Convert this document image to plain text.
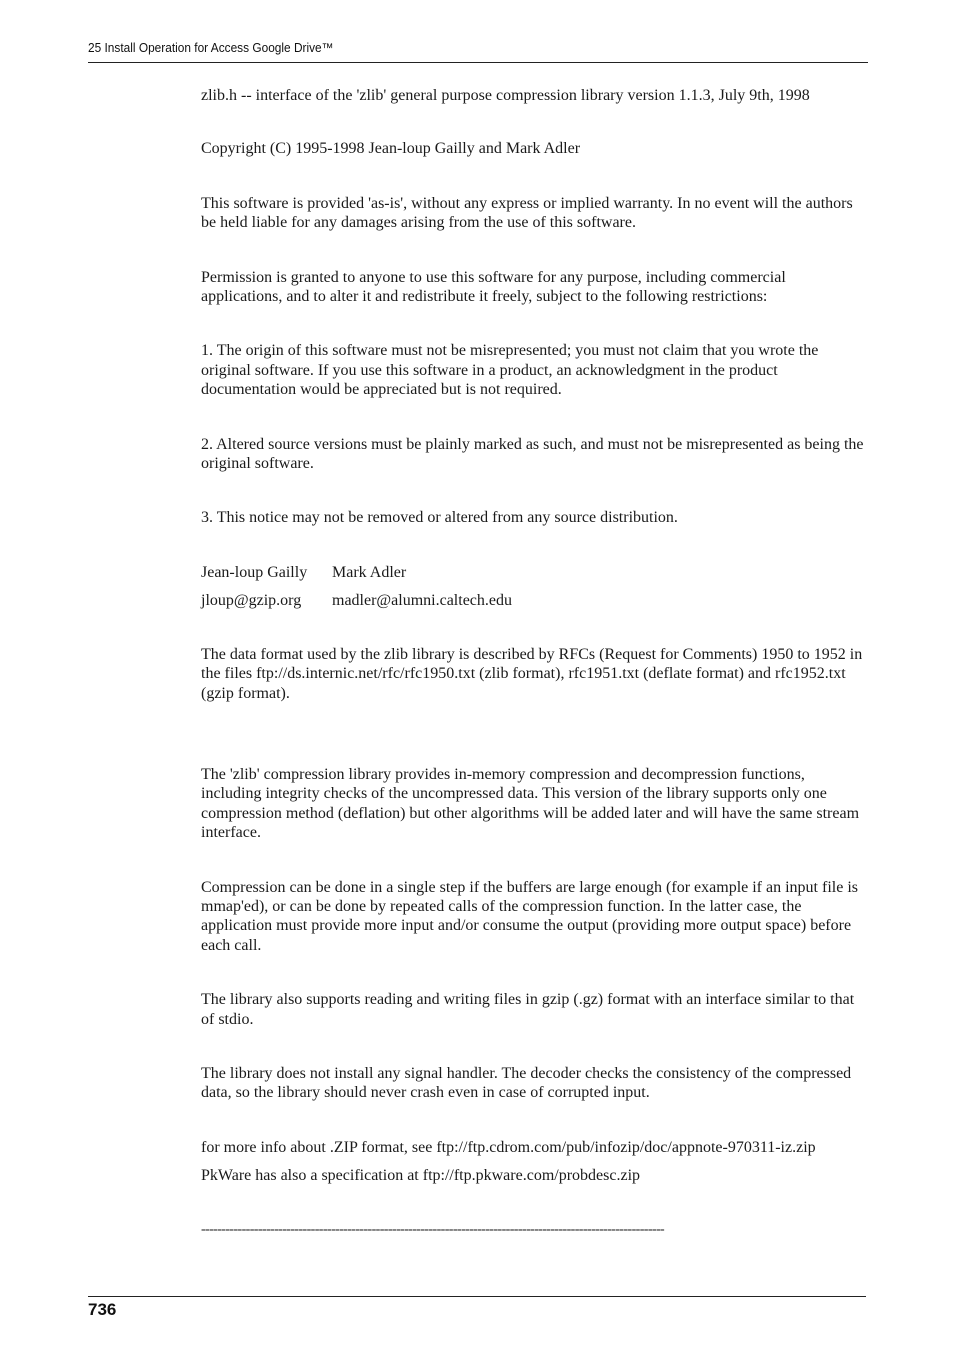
25 Install Operation for Access Google Drive™

zlib.h -- interface of the 'zlib' general purpose compression library version 1.1.3, July 9th, 1998

Copyright (C) 1995-1998 Jean-loup Gailly and Mark Adler

This software is provided 'as-is', without any express or implied warranty. In no event will the authors be held liable for any damages arising from the use of this software.

Permission is granted to anyone to use this software for any purpose, including commercial applications, and to alter it and redistribute it freely, subject to the following restrictions:

1. The origin of this software must not be misrepresented; you must not claim that you wrote the original software. If you use this software in a product, an acknowledgment in the product documentation would be appreciated but is not required.

2. Altered source versions must be plainly marked as such, and must not be misrepresented as being the original software.

3. This notice may not be removed or altered from any source distribution.

Jean-loup Gailly	Mark Adler
jloup@gzip.org	madler@alumni.caltech.edu

The data format used by the zlib library is described by RFCs (Request for Comments) 1950 to 1952 in the files ftp://ds.internic.net/rfc/rfc1950.txt (zlib format), rfc1951.txt (deflate format) and rfc1952.txt (gzip format).

The 'zlib' compression library provides in-memory compression and decompression functions, including integrity checks of the uncompressed data. This version of the library supports only one compression method (deflation) but other algorithms will be added later and will have the same stream interface.

Compression can be done in a single step if the buffers are large enough (for example if an input file is mmap'ed), or can be done by repeated calls of the compression function. In the latter case, the application must provide more input and/or consume the output (providing more output space) before each call.

The library also supports reading and writing files in gzip (.gz) format with an interface similar to that of stdio.

The library does not install any signal handler. The decoder checks the consistency of the compressed data, so the library should never crash even in case of corrupted input.

for more info about .ZIP format, see ftp://ftp.cdrom.com/pub/infozip/doc/appnote-970311-iz.zip

PkWare has also a specification at ftp://ftp.pkware.com/probdesc.zip

------------------------------------------------------------------------------------------------------------------
736
